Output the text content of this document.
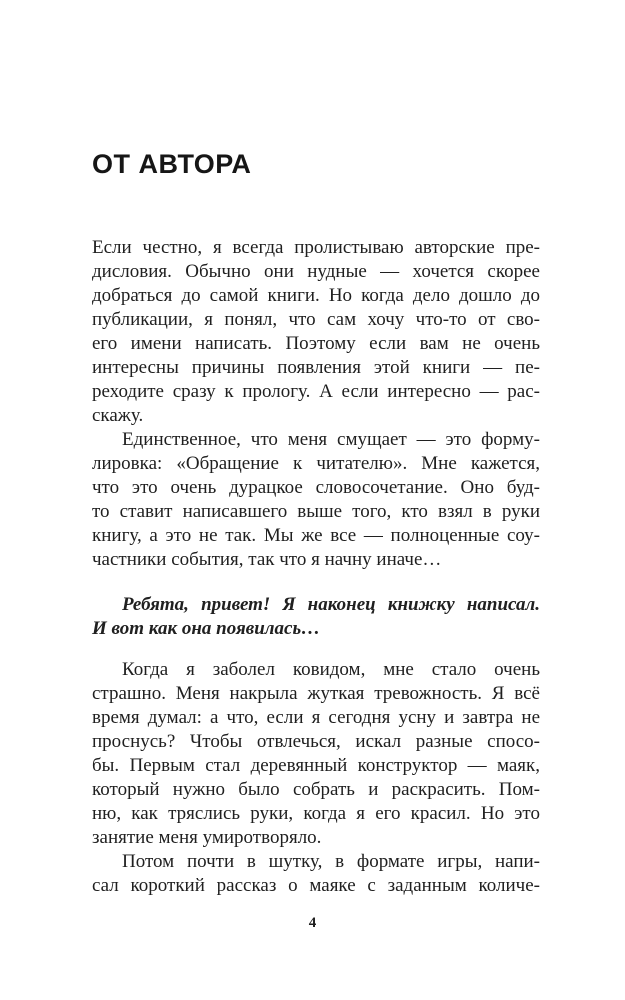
ОТ АВТОРА
Если честно, я всегда пролистываю авторские пре-
дисловия. Обычно они нудные — хочется скорее
добраться до самой книги. Но когда дело дошло до
публикации, я понял, что сам хочу что-то от сво-
его имени написать. Поэтому если вам не очень
интересны причины появления этой книги — пе-
реходите сразу к прологу. А если интересно — рас-
скажу.
Единственное, что меня смущает — это форму-
лировка: «Обращение к читателю». Мне кажется,
что это очень дурацкое словосочетание. Оно буд-
то ставит написавшего выше того, кто взял в руки
книгу, а это не так. Мы же все — полноценные соу-
частники события, так что я начну иначе…
Ребята, привет! Я наконец книжку написал.
И вот как она появилась…
Когда я заболел ковидом, мне стало очень
страшно. Меня накрыла жуткая тревожность. Я всё
время думал: а что, если я сегодня усну и завтра не
проснусь? Чтобы отвлечься, искал разные спосо-
бы. Первым стал деревянный конструктор — маяк,
который нужно было собрать и раскрасить. Пом-
ню, как тряслись руки, когда я его красил. Но это
занятие меня умиротворяло.
Потом почти в шутку, в формате игры, напи-
сал короткий рассказ о маяке с заданным количе-
4
